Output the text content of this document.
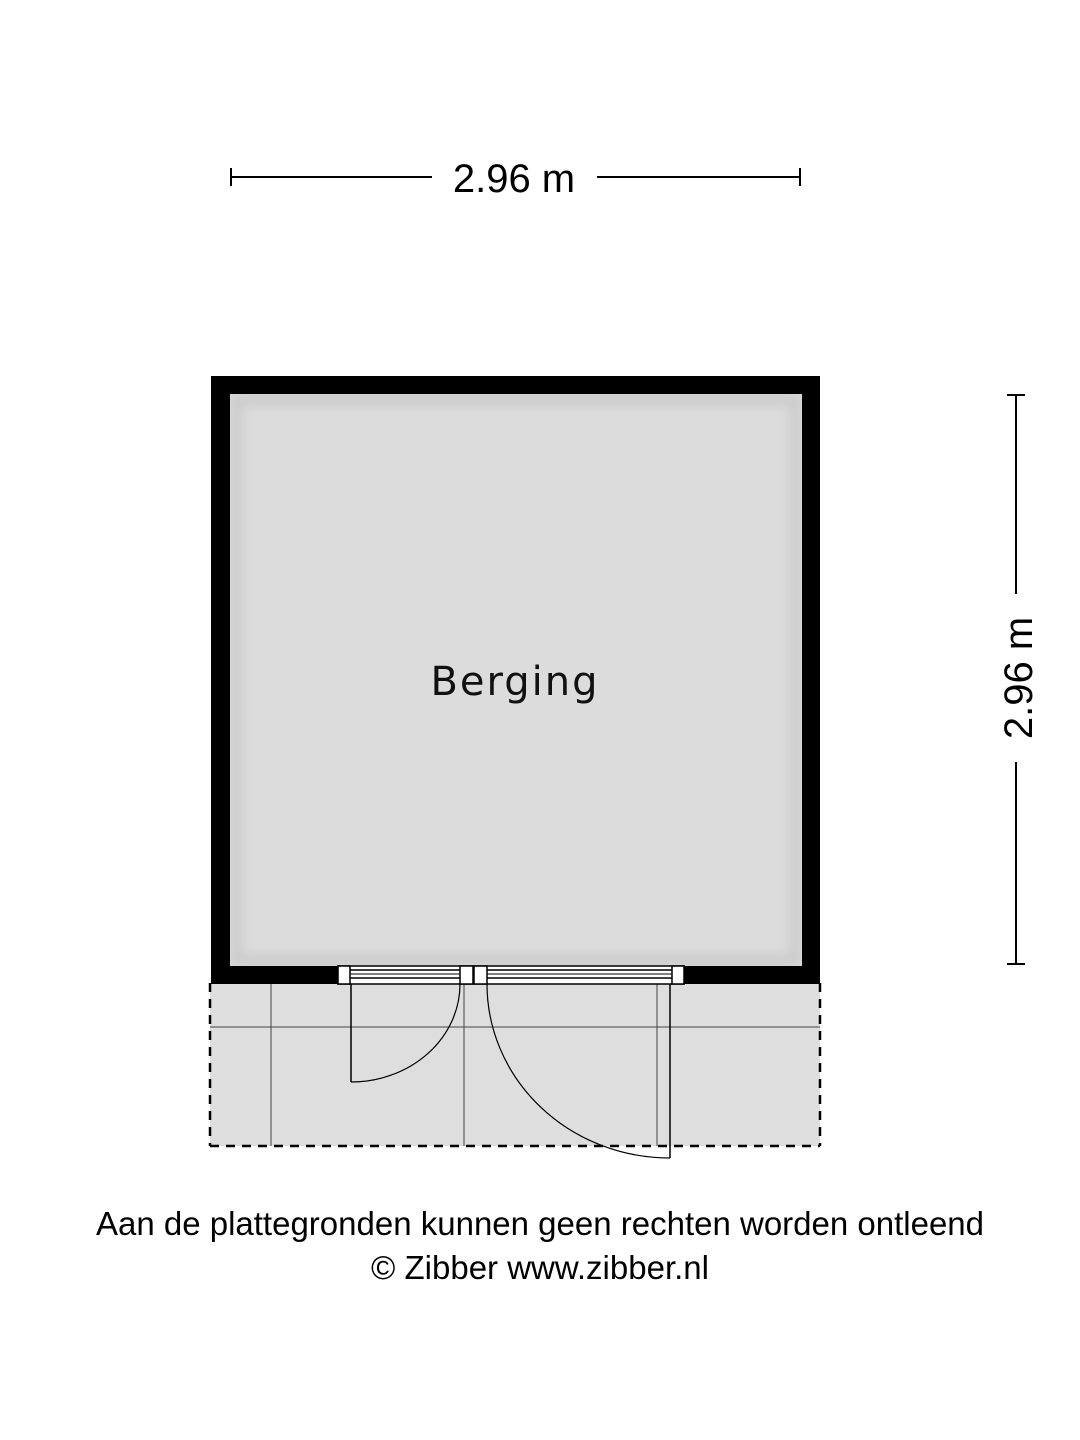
2.96 m
2.96 m
Berging
Aan de plattegronden kunnen geen rechten worden ontleend
© Zibber www.zibber.nl
